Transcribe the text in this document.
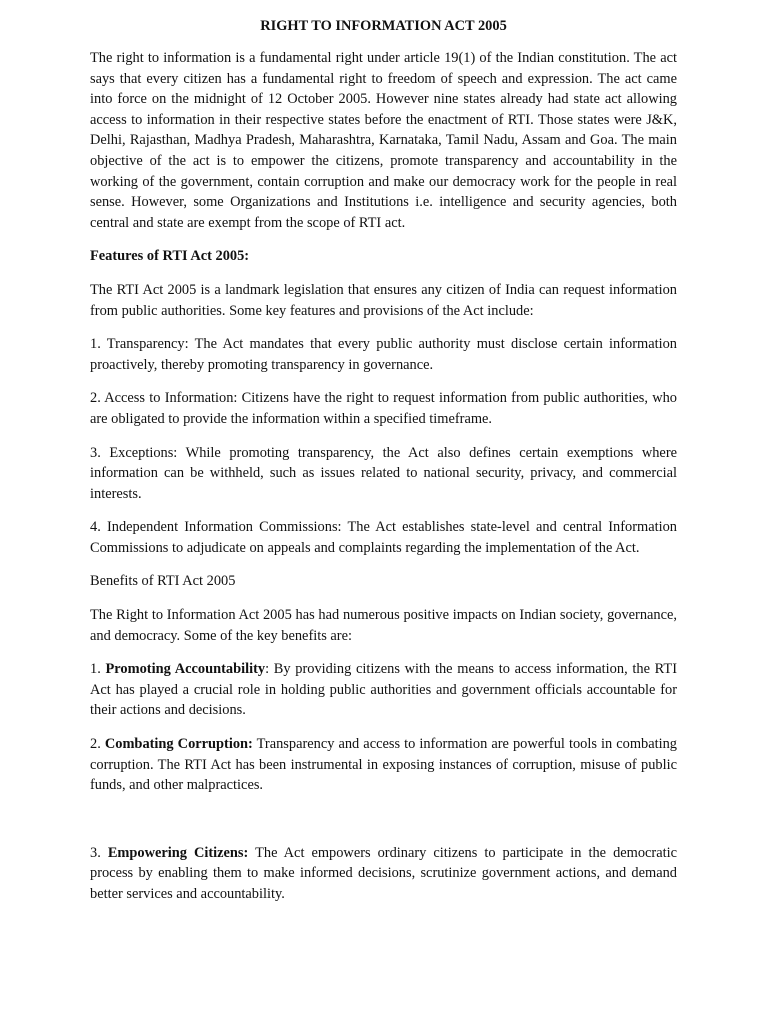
RIGHT TO INFORMATION ACT 2005

The right to information is a fundamental right under article 19(1) of the Indian constitution. The act says that every citizen has a fundamental right to freedom of speech and expression. The act came into force on the midnight of 12 October 2005. However nine states already had state act allowing access to information in their respective states before the enactment of RTI. Those states were J&K, Delhi, Rajasthan, Madhya Pradesh, Maharashtra, Karnataka, Tamil Nadu, Assam and Goa. The main objective of the act is to empower the citizens, promote transparency and accountability in the working of the government, contain corruption and make our democracy work for the people in real sense. However, some Organizations and Institutions i.e. intelligence and security agencies, both central and state are exempt from the scope of RTI act.

Features of RTI Act 2005:

The RTI Act 2005 is a landmark legislation that ensures any citizen of India can request information from public authorities. Some key features and provisions of the Act include:

1. Transparency: The Act mandates that every public authority must disclose certain information proactively, thereby promoting transparency in governance.

2. Access to Information: Citizens have the right to request information from public authorities, who are obligated to provide the information within a specified timeframe.

3. Exceptions: While promoting transparency, the Act also defines certain exemptions where information can be withheld, such as issues related to national security, privacy, and commercial interests.

4. Independent Information Commissions: The Act establishes state-level and central Information Commissions to adjudicate on appeals and complaints regarding the implementation of the Act.

Benefits of RTI Act 2005

The Right to Information Act 2005 has had numerous positive impacts on Indian society, governance, and democracy. Some of the key benefits are:

1. Promoting Accountability: By providing citizens with the means to access information, the RTI Act has played a crucial role in holding public authorities and government officials accountable for their actions and decisions.

2. Combating Corruption: Transparency and access to information are powerful tools in combating corruption. The RTI Act has been instrumental in exposing instances of corruption, misuse of public funds, and other malpractices.

3. Empowering Citizens: The Act empowers ordinary citizens to participate in the democratic process by enabling them to make informed decisions, scrutinize government actions, and demand better services and accountability.
